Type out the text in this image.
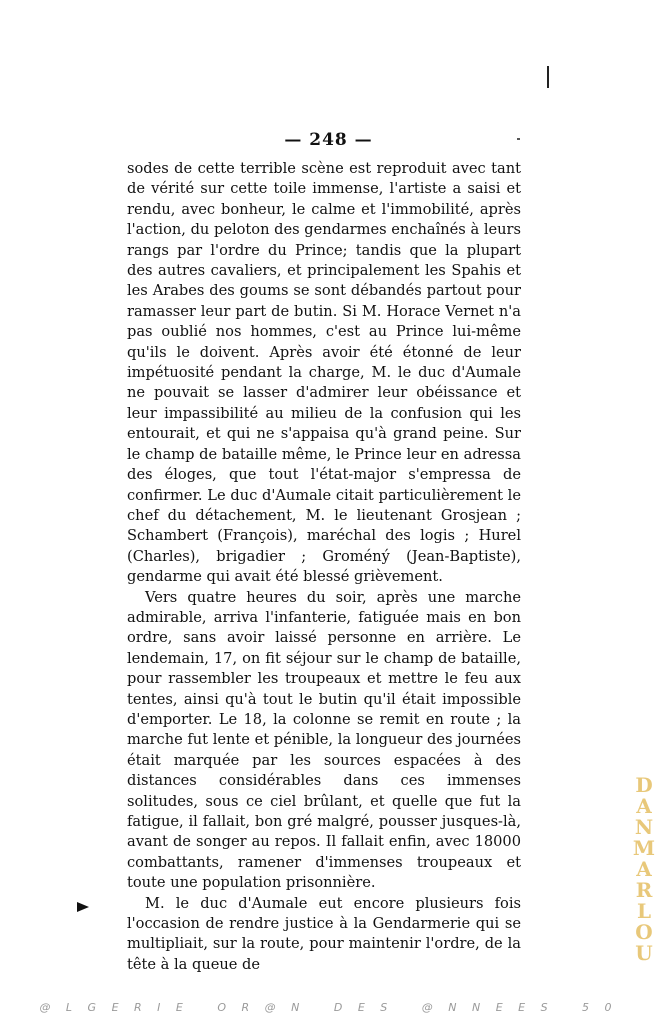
— 248 —

sodes de cette terrible scène est reproduit avec tant de vérité sur cette toile immense, l'artiste a saisi et rendu, avec bonheur, le calme et l'immobilité, après l'action, du peloton des gendarmes enchaînés à leurs rangs par l'ordre du Prince; tandis que la plupart des autres cavaliers, et principalement les Spahis et les Arabes des goums se sont débandés partout pour ramasser leur part de butin. Si M. Horace Vernet n'a pas oublié nos hommes, c'est au Prince lui-même qu'ils le doivent. Après avoir été étonné de leur impétuosité pendant la charge, M. le duc d'Aumale ne pouvait se lasser d'admirer leur obéissance et leur impassibilité au milieu de la confusion qui les entourait, et qui ne s'appaisa qu'à grand peine. Sur le champ de bataille même, le Prince leur en adressa des éloges, que tout l'état-major s'empressa de confirmer. Le duc d'Aumale citait particulièrement le chef du détachement, M. le lieutenant Grosjean ; Schambert (François), maréchal des logis ; Hurel (Charles), brigadier ; Groméný (Jean-Baptiste), gendarme qui avait été blessé grièvement.

Vers quatre heures du soir, après une marche admirable, arriva l'infanterie, fatiguée mais en bon ordre, sans avoir laissé personne en arrière. Le lendemain, 17, on fit séjour sur le champ de bataille, pour rassembler les troupeaux et mettre le feu aux tentes, ainsi qu'à tout le butin qu'il était impossible d'emporter. Le 18, la colonne se remit en route ; la marche fut lente et pénible, la longueur des journées était marquée par les sources espacées à des distances considérables dans ces immenses solitudes, sous ce ciel brûlant, et quelle que fut la fatigue, il fallait, bon gré malgré, pousser jusques-là, avant de songer au repos. Il fallait enfin, avec 18000 combattants, ramener d'immenses troupeaux et toute une population prisonnière.

M. le duc d'Aumale eut encore plusieurs fois l'occasion de rendre justice à la Gendarmerie qui se multipliait, sur la route, pour maintenir l'ordre, de la tête à la queue de

D
A
N
M
A
R
L
O
U
@ L G E R I E   O R @ N   D E S   @ N N E E S   5 0
